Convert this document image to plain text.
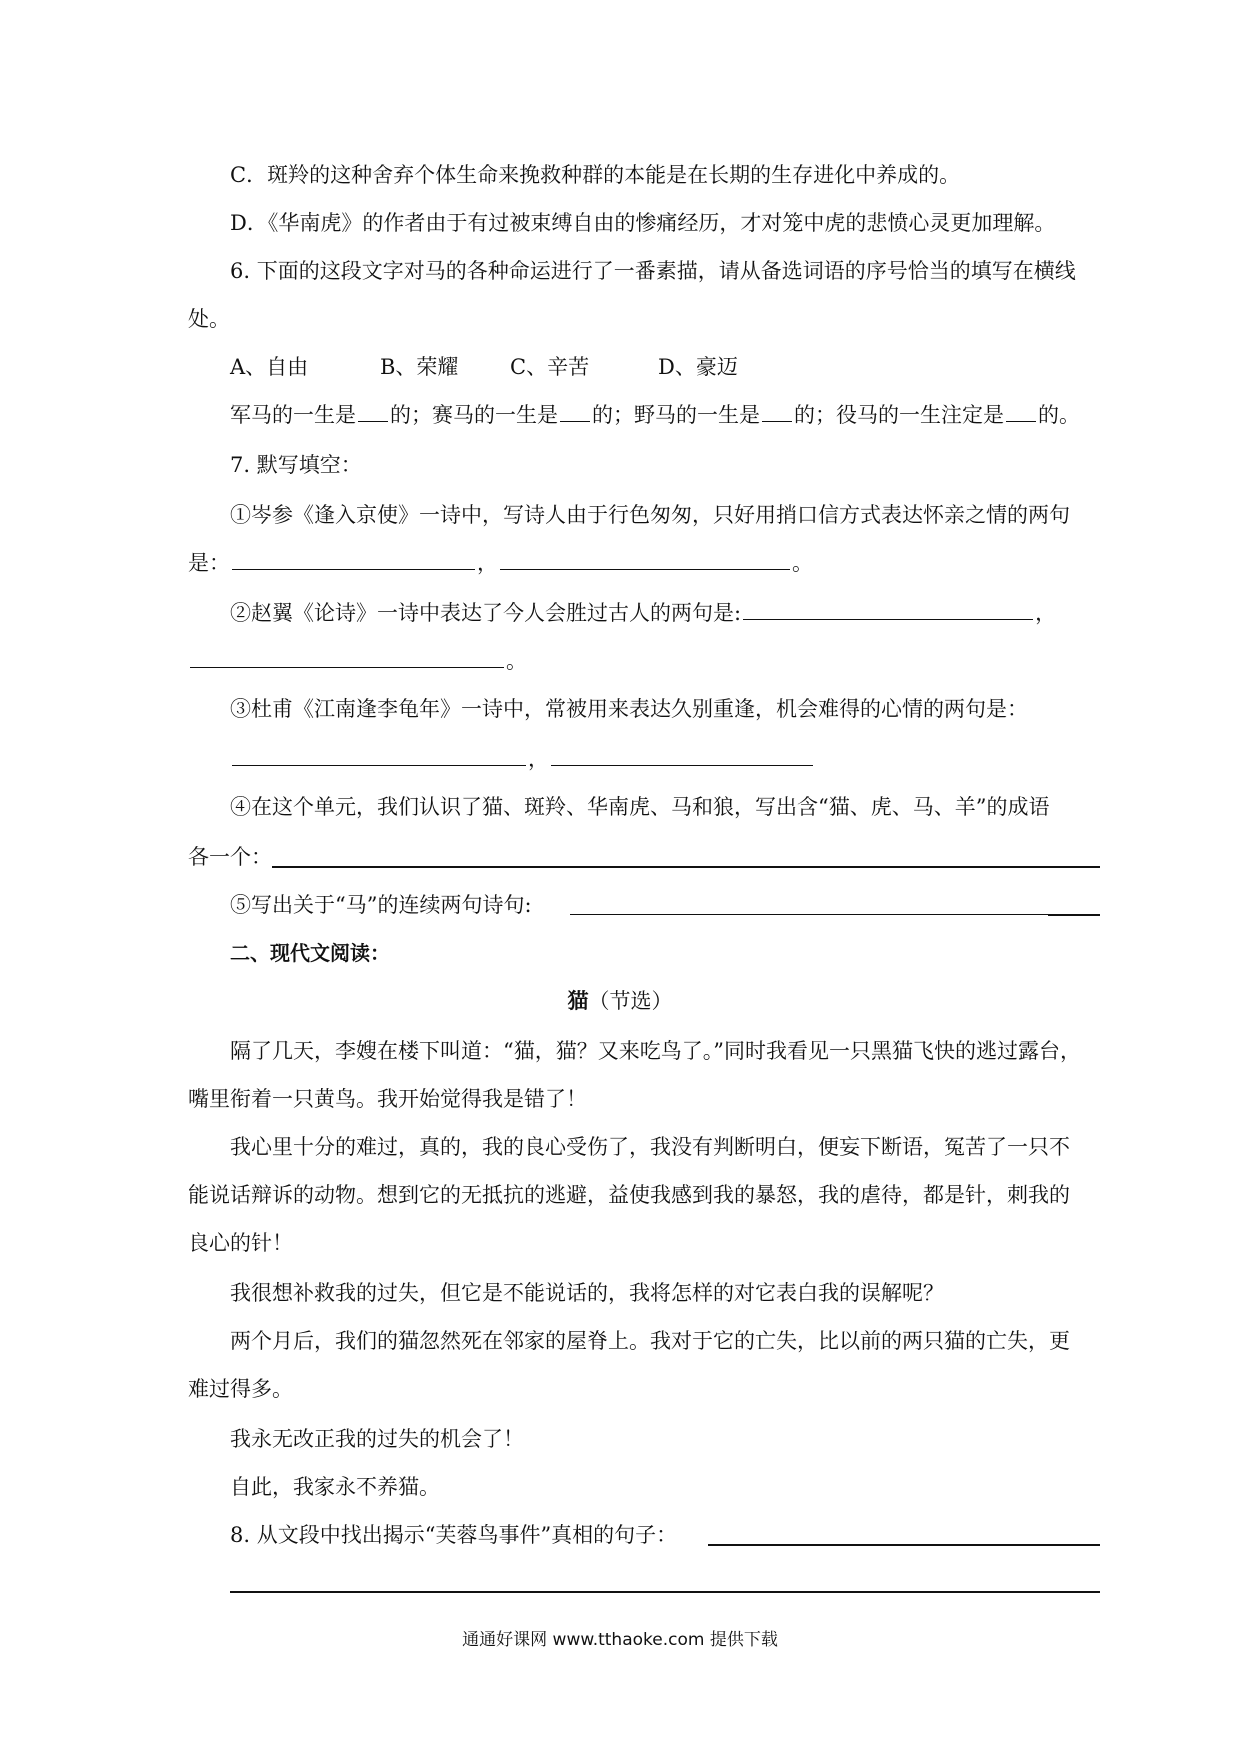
C．斑羚的这种舍弃个体生命来挽救种群的本能是在长期的生存进化中养成的。
D．《华南虎》的作者由于有过被束缚自由的惨痛经历，才对笼中虎的悲愤心灵更加理解。
6. 下面的这段文字对马的各种命运进行了一番素描，请从备选词语的序号恰当的填写在横线
处。
A、自由	B、荣耀 C、辛苦	D、豪迈
军马的一生是 的；赛马的一生是 的；野马的一生是 的；役马的一生注定是 的。
7. 默写填空：
①岑参《逢入京使》一诗中，写诗人由于行色匆匆，只好用捎口信方式表达怀亲之情的两句
是：	，	。
②赵翼《论诗》一诗中表达了今人会胜过古人的两句是:	，
。
③杜甫《江南逢李龟年》一诗中，常被用来表达久别重逢，机会难得的心情的两句是：
，
④在这个单元，我们认识了猫、斑羚、华南虎、马和狼，写出含“猫、虎、马、羊”的成语
各一个：
⑤写出关于“马”的连续两句诗句:
二、现代文阅读：
猫（节选）
隔了几天，李嫂在楼下叫道：“猫，猫？又来吃鸟了。”同时我看见一只黑猫飞快的逃过露台，
嘴里衔着一只黄鸟。我开始觉得我是错了！
我心里十分的难过，真的，我的良心受伤了，我没有判断明白，便妄下断语，冤苦了一只不
能说话辩诉的动物。想到它的无抵抗的逃避，益使我感到我的暴怒，我的虐待，都是针，刺我的
良心的针！
我很想补救我的过失，但它是不能说话的，我将怎样的对它表白我的误解呢？
两个月后，我们的猫忽然死在邻家的屋脊上。我对于它的亡失，比以前的两只猫的亡失，更
难过得多。
我永无改正我的过失的机会了！
自此，我家永不养猫。
8. 从文段中找出揭示“芙蓉鸟事件”真相的句子：
通通好课网 www.tthaoke.com 提供下载
